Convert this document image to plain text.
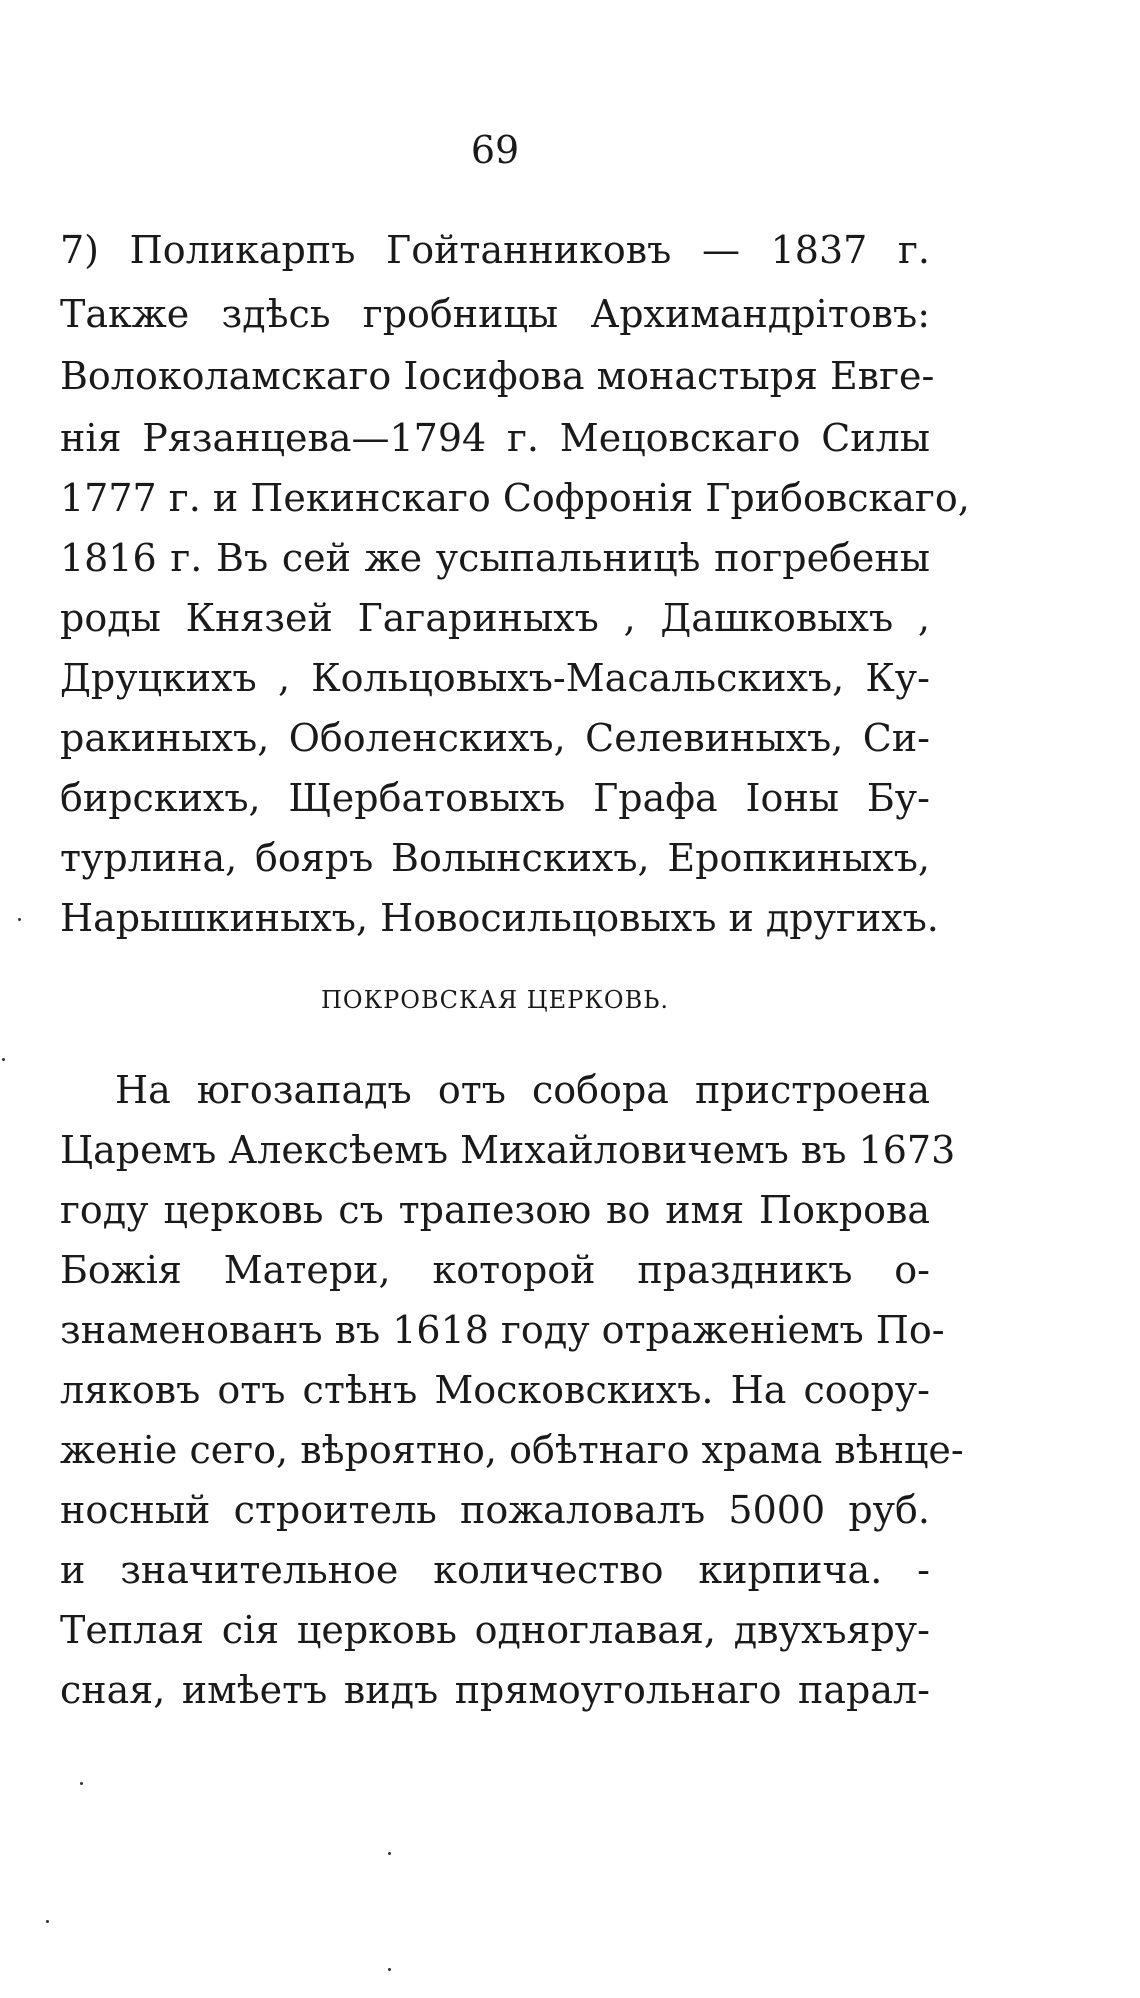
69
7) Поликарпъ Гойтанниковъ — 1837 г.
Также здѣсь гробницы Архимандрітовъ:
Волоколамскаго Іосифова монастыря Евге-
нія Рязанцева—1794 г. Мецовскаго Силы
1777 г. и Пекинскаго Софронія Грибовскаго,
1816 г. Въ сей же усыпальницѣ погребены
роды Князей Гагариныхъ , Дашковыхъ ,
Друцкихъ , Кольцовыхъ-Масальскихъ, Ку-
ракиныхъ, Оболенскихъ, Селевиныхъ, Си-
бирскихъ, Щербатовыхъ Графа Іоны Бу-
турлина, бояръ Волынскихъ, Еропкиныхъ,
Нарышкиныхъ, Новосильцовыхъ и другихъ.
ПОКРОВСКАЯ ЦЕРКОВЬ.
На югозападъ отъ собора пристроена
Царемъ Алексѣемъ Михайловичемъ въ 1673
году церковь съ трапезою во имя Покрова
Божія Матери, которой праздникъ о-
знаменованъ въ 1618 году отраженіемъ По-
ляковъ отъ стѣнъ Московскихъ. На соору-
женіе сего, вѣроятно, обѣтнаго храма вѣнце-
носный строитель пожаловалъ 5000 руб.
и значительное количество кирпича. -
Теплая сія церковь одноглавая, двухъяру-
сная, имѣетъ видъ прямоугольнаго парал-
